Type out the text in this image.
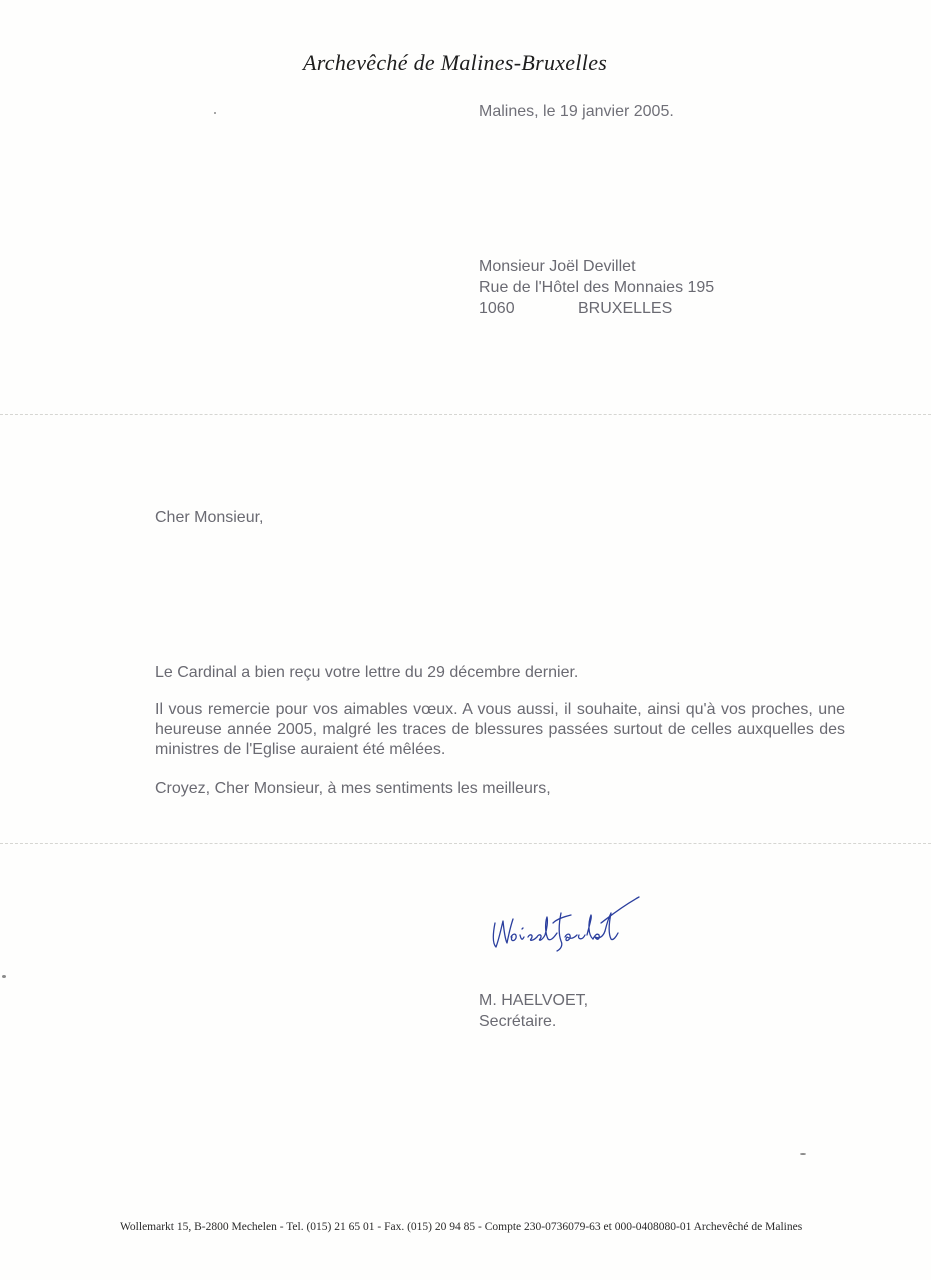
Archevêché de Malines-Bruxelles
Malines, le 19 janvier 2005.
Monsieur Joël Devillet
Rue de l'Hôtel des Monnaies 195
1060	BRUXELLES
Cher Monsieur,
Le Cardinal a bien reçu votre lettre du 29 décembre dernier.
Il vous remercie pour vos aimables vœux. A vous aussi, il souhaite, ainsi qu'à vos proches, une heureuse année 2005, malgré les traces de blessures passées surtout de celles auxquelles des ministres de l'Eglise auraient été mêlées.
Croyez, Cher Monsieur, à mes sentiments les meilleurs,
M. HAELVOET,
Secrétaire.
Wollemarkt 15, B-2800 Mechelen - Tel. (015) 21 65 01 - Fax. (015) 20 94 85 - Compte 230-0736079-63 et 000-0408080-01 Archevêché de Malines
